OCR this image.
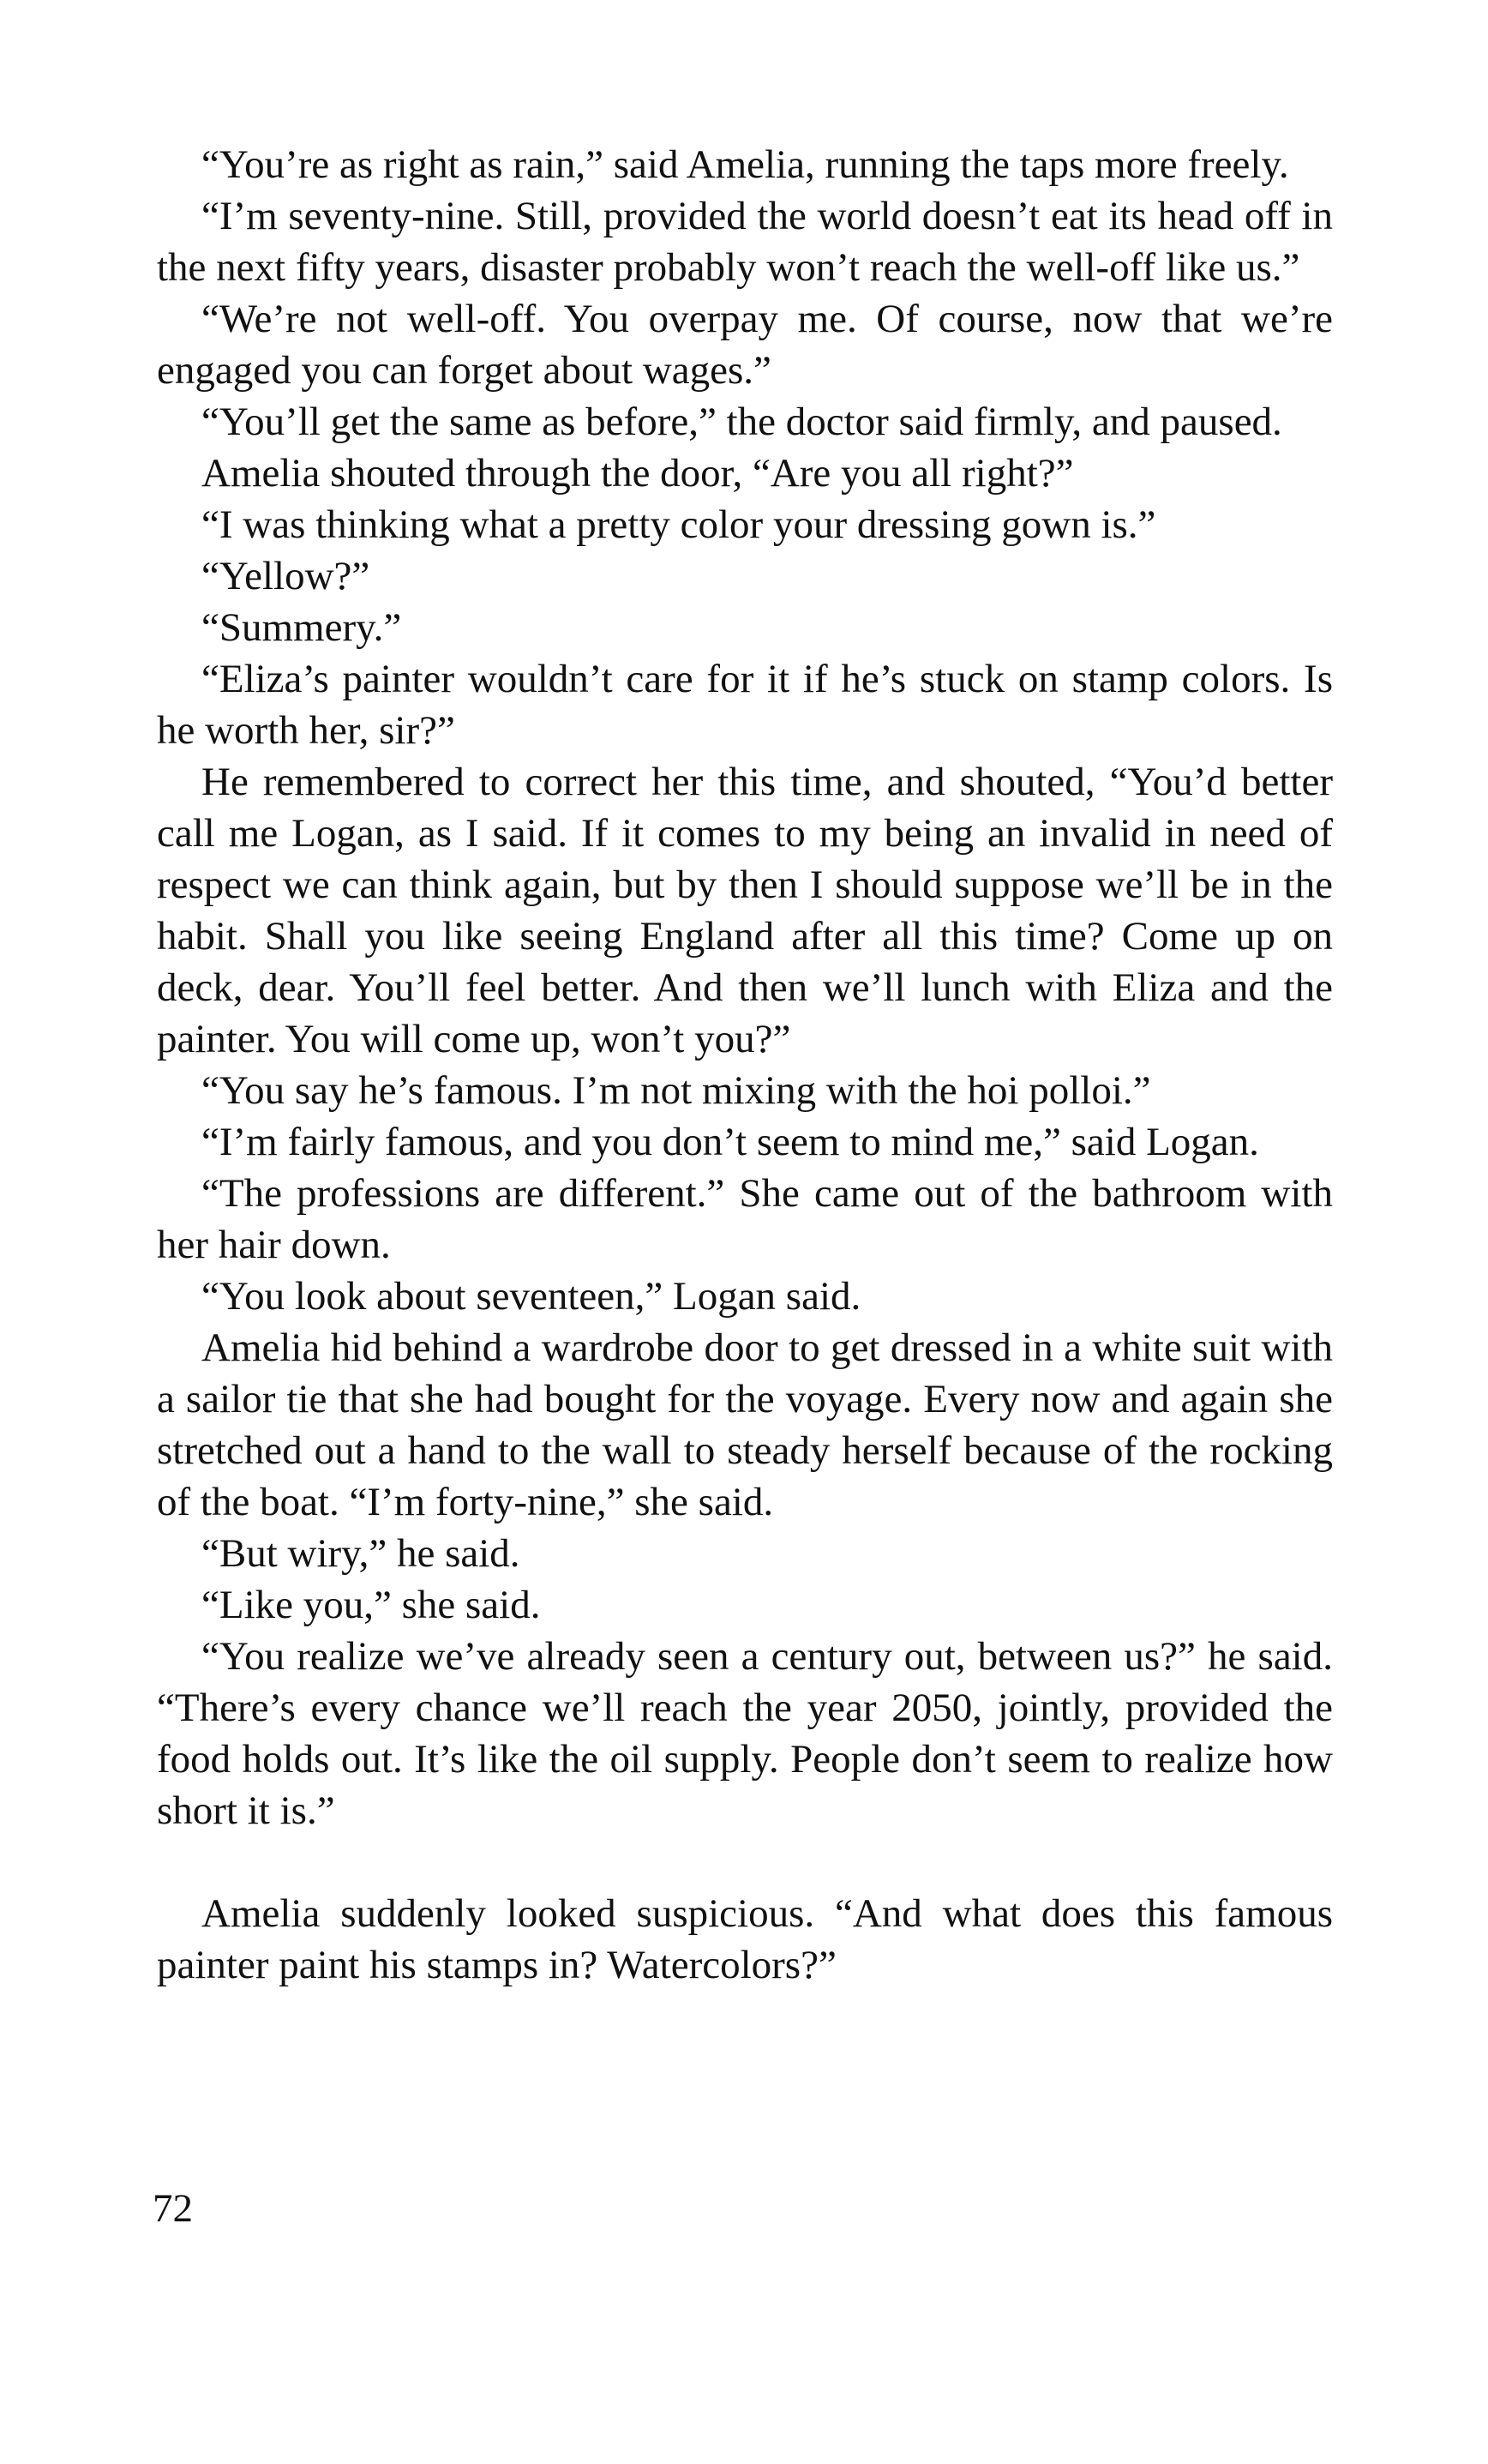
“You’re as right as rain,” said Amelia, running the taps more freely.

“I’m seventy-nine. Still, provided the world doesn’t eat its head off in the next fifty years, disaster probably won’t reach the well-off like us.”

“We’re not well-off. You overpay me. Of course, now that we’re engaged you can forget about wages.”

“You’ll get the same as before,” the doctor said firmly, and paused.

Amelia shouted through the door, “Are you all right?”

“I was thinking what a pretty color your dressing gown is.”

“Yellow?”

“Summery.”

“Eliza’s painter wouldn’t care for it if he’s stuck on stamp colors. Is he worth her, sir?”

He remembered to correct her this time, and shouted, “You’d better call me Logan, as I said. If it comes to my being an invalid in need of respect we can think again, but by then I should suppose we’ll be in the habit. Shall you like seeing England after all this time? Come up on deck, dear. You’ll feel better. And then we’ll lunch with Eliza and the painter. You will come up, won’t you?”

“You say he’s famous. I’m not mixing with the hoi polloi.”

“I’m fairly famous, and you don’t seem to mind me,” said Logan.

“The professions are different.” She came out of the bathroom with her hair down.

“You look about seventeen,” Logan said.

Amelia hid behind a wardrobe door to get dressed in a white suit with a sailor tie that she had bought for the voyage. Every now and again she stretched out a hand to the wall to steady herself because of the rocking of the boat. “I’m forty-nine,” she said.

“But wiry,” he said.

“Like you,” she said.

“You realize we’ve already seen a century out, between us?” he said. “There’s every chance we’ll reach the year 2050, jointly, provided the food holds out. It’s like the oil supply. People don’t seem to realize how short it is.”

Amelia suddenly looked suspicious. “And what does this famous painter paint his stamps in? Watercolors?”

72
